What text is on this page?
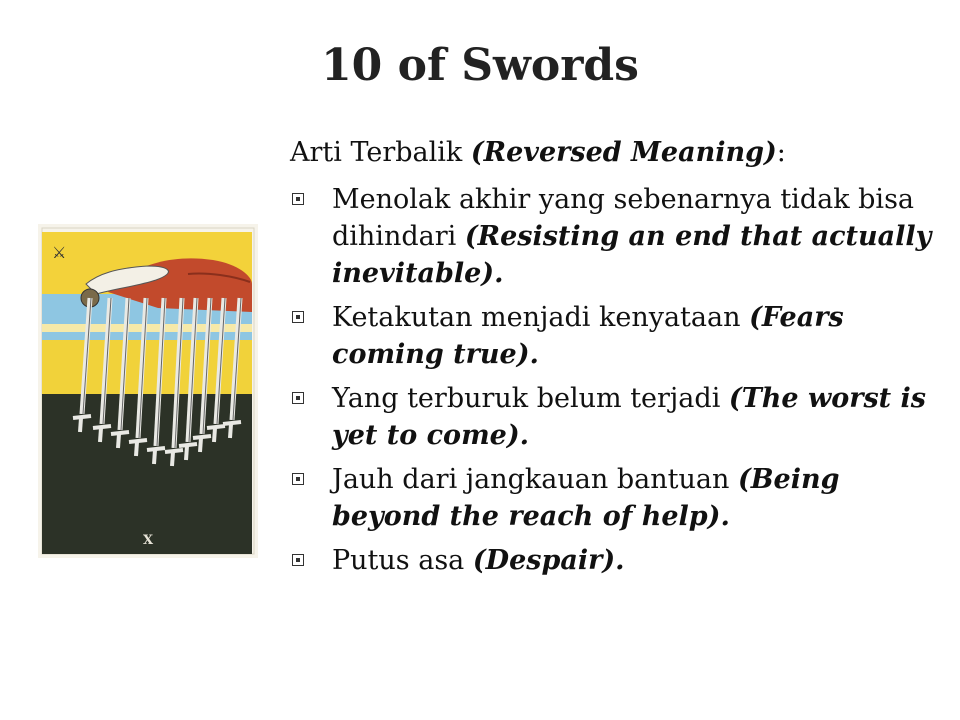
10 of Swords
⚔
X

Arti Terbalik (Reversed Meaning):

Menolak akhir yang sebenarnya tidak bisa dihindari (Resisting an end that actually inevitable).
Ketakutan menjadi kenyataan (Fears coming true).
Yang terburuk belum terjadi (The worst is yet to come).
Jauh dari jangkauan bantuan (Being beyond the reach of help).
Putus asa (Despair).
